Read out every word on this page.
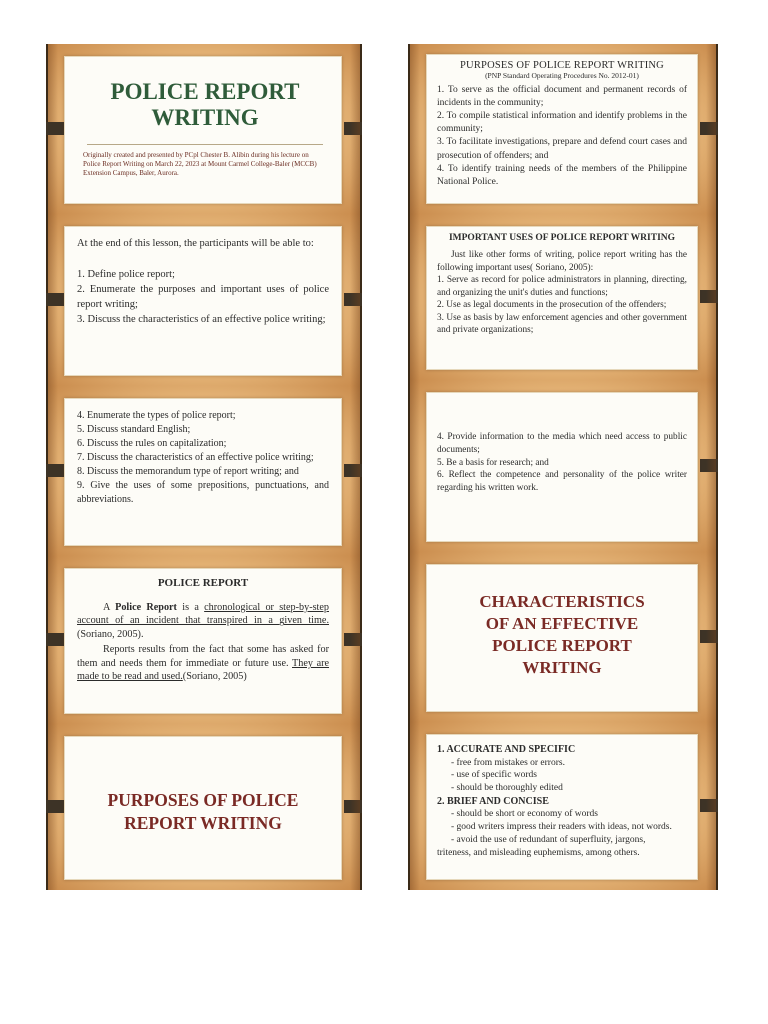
POLICE REPORT
WRITING
Originally created and presented by PCpl Chester B. Alibin during his lecture on Police Report Writing on March 22, 2023 at Mount Carmel College-Baler (MCCB) Extension Campus, Baler, Aurora.
PURPOSES OF POLICE REPORT WRITING
(PNP Standard Operating Procedures No. 2012-01)

1. To serve as the official document and permanent records of incidents in the community;

2. To compile statistical information and identify problems in the community;

3. To facilitate investigations, prepare and defend court cases and prosecution of offenders; and

4. To identify training needs of the members of the Philippine National Police.

At the end of this lesson, the participants will be able to:

1. Define police report;

2. Enumerate the purposes and important uses of police report writing;

3. Discuss the characteristics of an effective police writing;

IMPORTANT USES OF POLICE REPORT WRITING

Just like other forms of writing, police report writing has the following important uses( Soriano, 2005):

1. Serve as record for police administrators in planning, directing, and organizing the unit's duties and functions;

2. Use as legal documents in the prosecution of the offenders;

3. Use as basis by law enforcement agencies and other government and private organizations;

4. Enumerate the types of police report;

5. Discuss standard English;

6. Discuss the rules on capitalization;

7. Discuss the characteristics of an effective police writing;

8. Discuss the memorandum type of report writing; and

9. Give the uses of some prepositions, punctuations, and abbreviations.

4. Provide information to the media which need access to public documents;

5. Be a basis for research; and

6. Reflect the competence and personality of the police writer regarding his written work.

POLICE REPORT

A Police Report is a chronological or step-by-step account of an incident that transpired in a given time.(Soriano, 2005).

Reports results from the fact that some has asked for them and needs them for immediate or future use. They are made to be read and used.(Soriano, 2005)

CHARACTERISTICS
OF AN EFFECTIVE
POLICE REPORT
WRITING
PURPOSES OF POLICE
REPORT WRITING
1. ACCURATE AND SPECIFIC
- free from mistakes or errors.
- use of specific words
- should be thoroughly edited
2. BRIEF AND CONCISE
- should be short or economy of words
- good writers impress their readers with ideas, not words.
- avoid the use of redundant of superfluity, jargons,
triteness, and misleading euphemisms, among others.
